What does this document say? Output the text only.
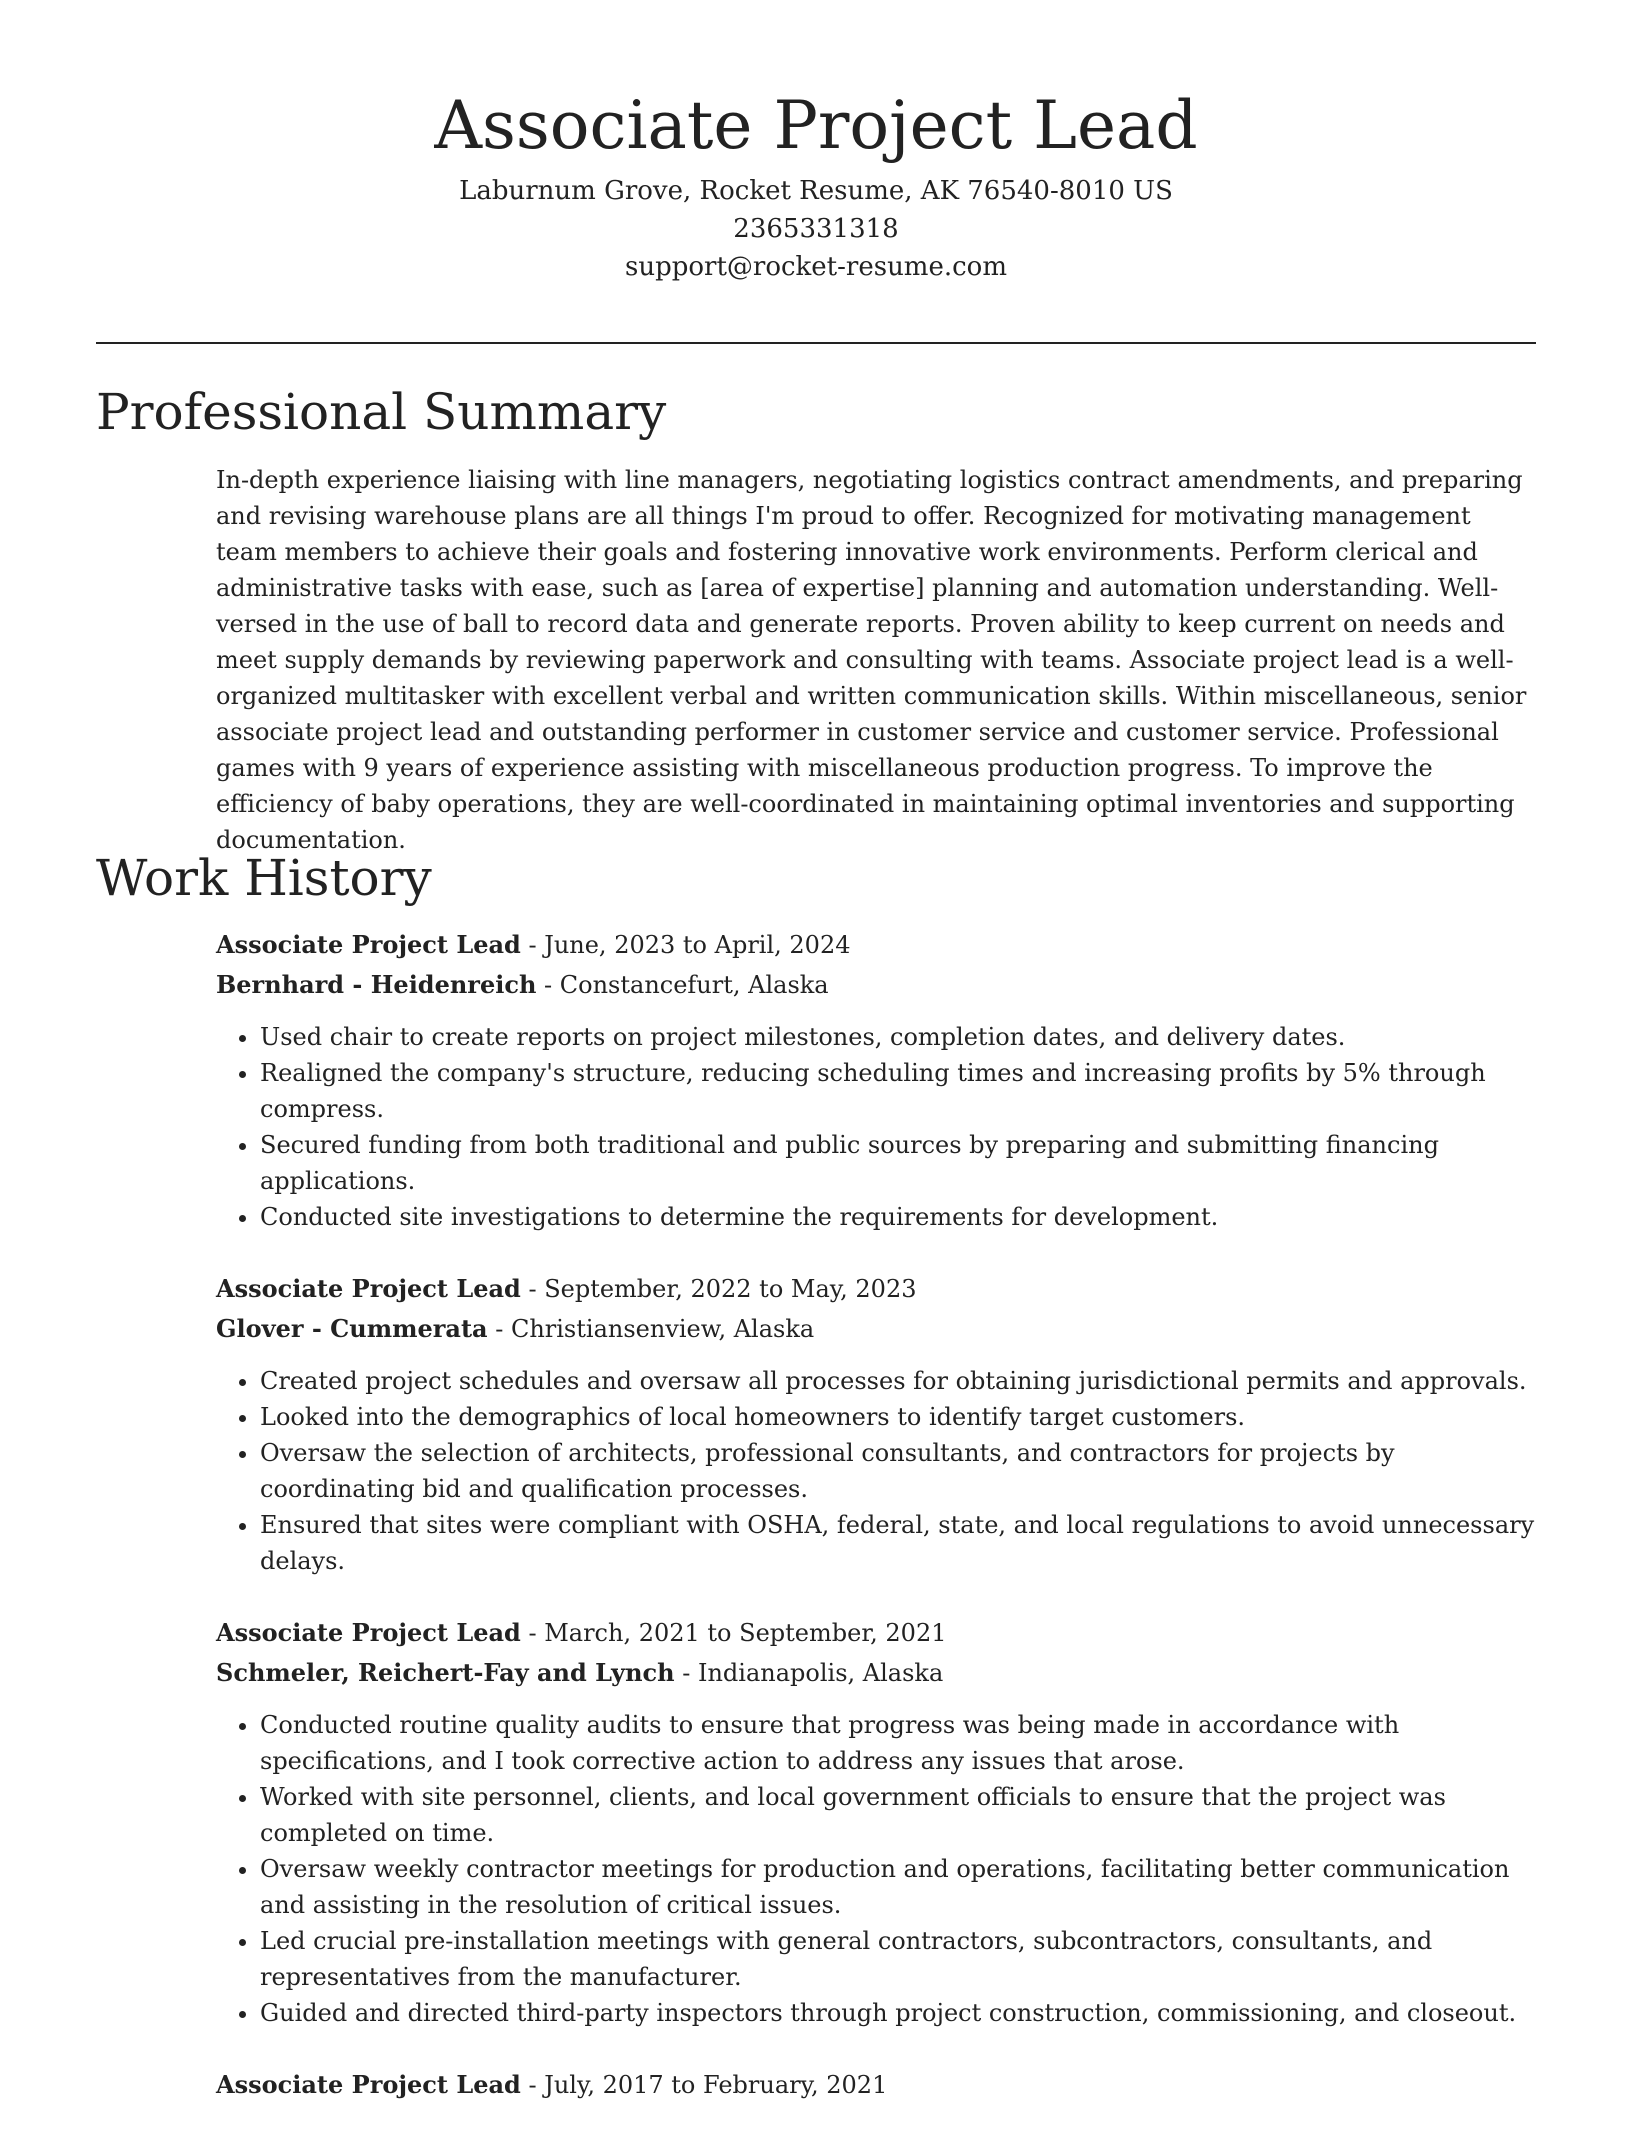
Associate Project Lead
Laburnum Grove, Rocket Resume, AK 76540-8010 US
2365331318
support@rocket-resume.com
Professional Summary

In-depth experience liaising with line managers, negotiating logistics contract amendments, and preparing and revising warehouse plans are all things I'm proud to offer. Recognized for motivating management team members to achieve their goals and fostering innovative work environments. Perform clerical and administrative tasks with ease, such as [area of expertise] planning and automation understanding. Well-versed in the use of ball to record data and generate reports. Proven ability to keep current on needs and meet supply demands by reviewing paperwork and consulting with teams. Associate project lead is a well-organized multitasker with excellent verbal and written communication skills. Within miscellaneous, senior associate project lead and outstanding performer in customer service and customer service. Professional games with 9 years of experience assisting with miscellaneous production progress. To improve the efficiency of baby operations, they are well-coordinated in maintaining optimal inventories and supporting documentation.

Work History
Associate Project Lead - June, 2023 to April, 2024
Bernhard - Heidenreich - Constancefurt, Alaska
• Used chair to create reports on project milestones, completion dates, and delivery dates.
• Realigned the company's structure, reducing scheduling times and increasing profits by 5% through compress.
• Secured funding from both traditional and public sources by preparing and submitting financing applications.
• Conducted site investigations to determine the requirements for development.
Associate Project Lead - September, 2022 to May, 2023
Glover - Cummerata - Christiansenview, Alaska
• Created project schedules and oversaw all processes for obtaining jurisdictional permits and approvals.
• Looked into the demographics of local homeowners to identify target customers.
• Oversaw the selection of architects, professional consultants, and contractors for projects by coordinating bid and qualification processes.
• Ensured that sites were compliant with OSHA, federal, state, and local regulations to avoid unnecessary delays.
Associate Project Lead - March, 2021 to September, 2021
Schmeler, Reichert-Fay and Lynch - Indianapolis, Alaska
• Conducted routine quality audits to ensure that progress was being made in accordance with specifications, and I took corrective action to address any issues that arose.
• Worked with site personnel, clients, and local government officials to ensure that the project was completed on time.
• Oversaw weekly contractor meetings for production and operations, facilitating better communication and assisting in the resolution of critical issues.
• Led crucial pre-installation meetings with general contractors, subcontractors, consultants, and representatives from the manufacturer.
• Guided and directed third-party inspectors through project construction, commissioning, and closeout.
Associate Project Lead - July, 2017 to February, 2021
